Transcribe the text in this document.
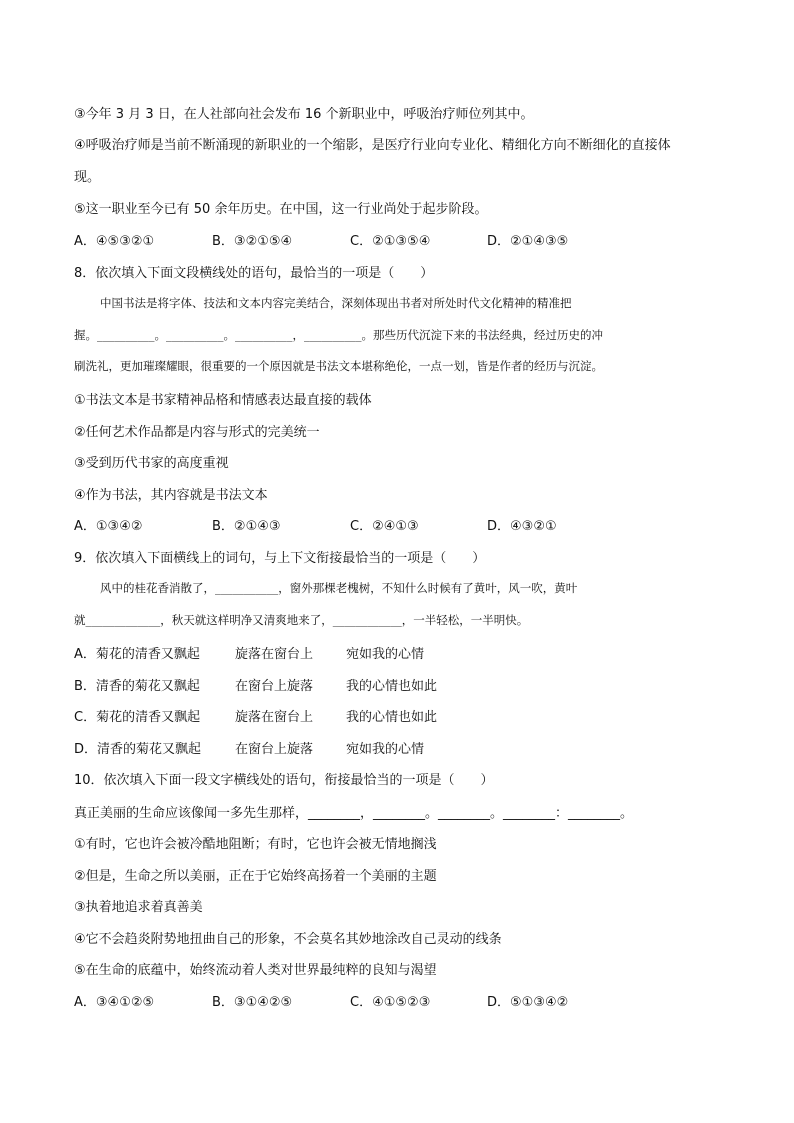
③今年 3 月 3 日，在人社部向社会发布 16 个新职业中，呼吸治疗师位列其中。
④呼吸治疗师是当前不断涌现的新职业的一个缩影，是医疗行业向专业化、精细化方向不断细化的直接体
现。
⑤这一职业至今已有 50 余年历史。在中国，这一行业尚处于起步阶段。
A．④⑤③②①	B．③②①⑤④	C．②①③⑤④	D．②①④③⑤
8．依次填入下面文段横线处的语句，最恰当的一项是（　　）
中国书法是将字体、技法和文本内容完美结合，深刻体现出书者对所处时代文化精神的精准把
握。__________。__________。__________，__________。那些历代沉淀下来的书法经典，经过历史的冲
刷洗礼，更加璀璨耀眼，很重要的一个原因就是书法文本堪称绝伦，一点一划，皆是作者的经历与沉淀。
①书法文本是书家精神品格和情感表达最直接的载体
②任何艺术作品都是内容与形式的完美统一
③受到历代书家的高度重视
④作为书法，其内容就是书法文本
A．①③④②	B．②①④③	C．②④①③	D．④③②①
9．依次填入下面横线上的词句，与上下文衔接最恰当的一项是（　　）
风中的桂花香消散了，___________，窗外那棵老槐树，不知什么时候有了黄叶，风一吹，黄叶
就_____________，秋天就这样明净又清爽地来了，____________，一半轻松，一半明快。
A．菊花的清香又飘起	旋落在窗台上	宛如我的心情
B．清香的菊花又飘起	在窗台上旋落	我的心情也如此
C．菊花的清香又飘起	旋落在窗台上	我的心情也如此
D．清香的菊花又飘起	在窗台上旋落	宛如我的心情
10．依次填入下面一段文字横线处的语句，衔接最恰当的一项是（　　）
真正美丽的生命应该像闻一多先生那样，________，________。________。________：________。
①有时，它也许会被冷酷地阻断；有时，它也许会被无情地搁浅
②但是，生命之所以美丽，正在于它始终高扬着一个美丽的主题
③执着地追求着真善美
④它不会趋炎附势地扭曲自己的形象，不会莫名其妙地涂改自己灵动的线条
⑤在生命的底蕴中，始终流动着人类对世界最纯粹的良知与渴望
A．③④①②⑤	B．③①④②⑤	C．④①⑤②③	D．⑤①③④②
